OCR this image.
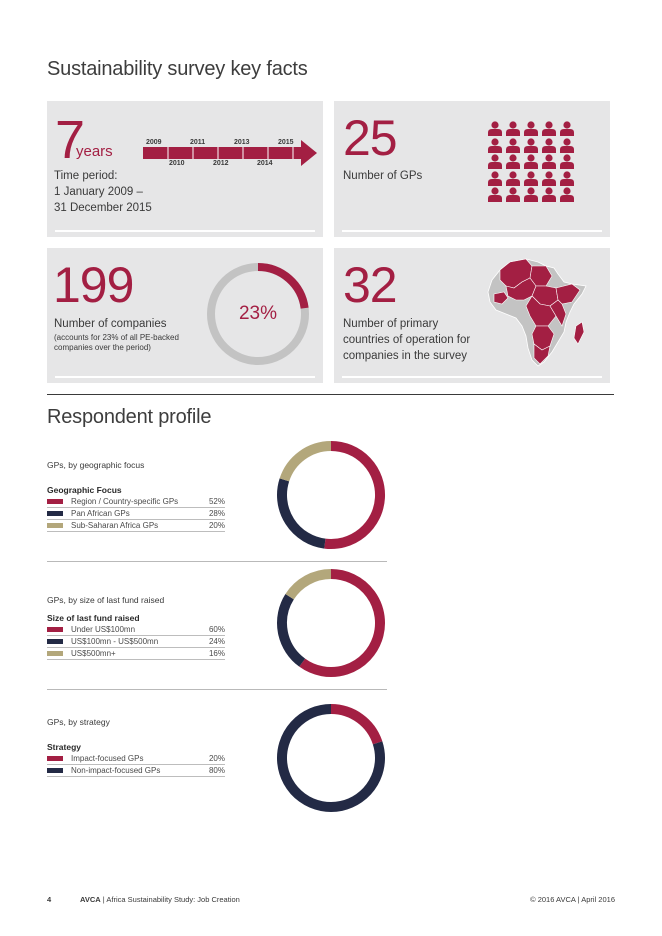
Sustainability survey key facts
7
years
2009	2011	2013	2015
2010	2012	2014
Time period:
1 January 2009 –
31 December 2015
25
Number of GPs
199
Number of companies
(accounts for 23% of all PE-backed
companies over the period)
23%
32
Number of primary
countries of operation for
companies in the survey
Respondent profile
GPs, by geographic focus
Geographic Focus
Region / Country-specific GPs	52%
Pan African GPs	28%
Sub-Saharan Africa GPs	20%
GPs, by size of last fund raised
Size of last fund raised
Under US$100mn	60%
US$100mn - US$500mn	24%
US$500mn+	16%
GPs, by strategy
Strategy
Impact-focused GPs	20%
Non-impact-focused GPs	80%
4	AVCA | Africa Sustainability Study: Job Creation	© 2016 AVCA | April 2016
